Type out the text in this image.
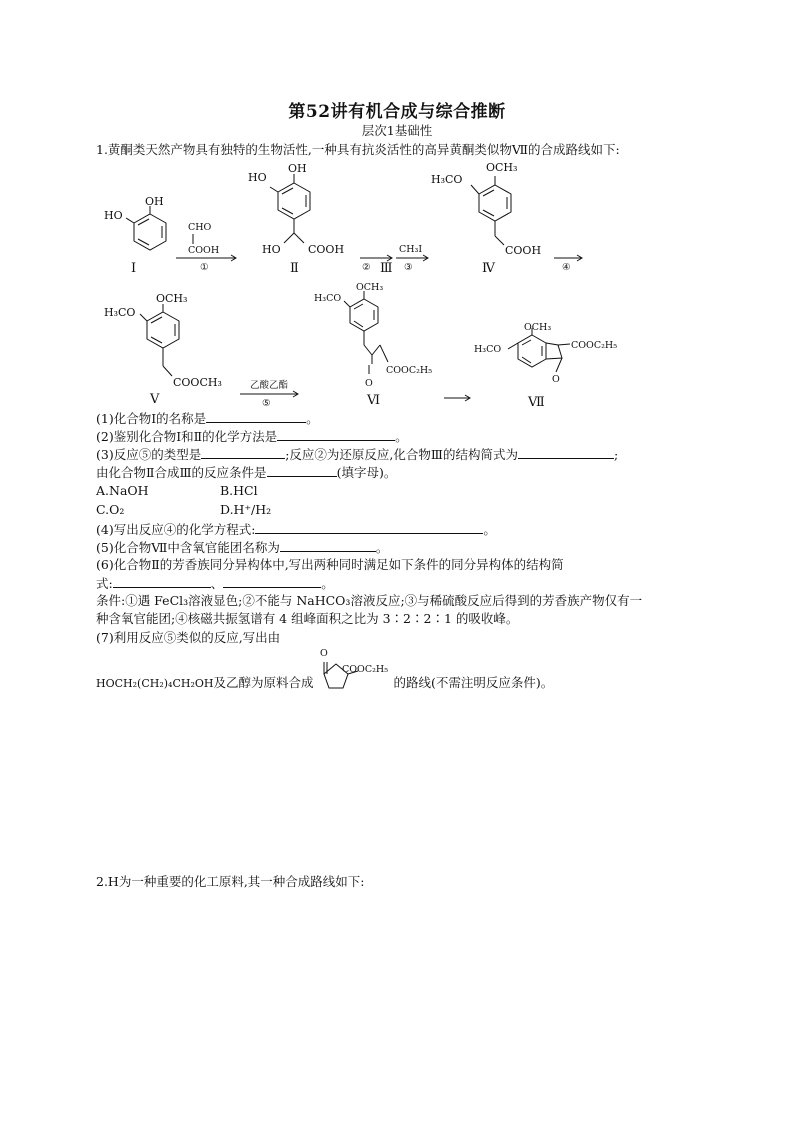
第52讲有机合成与综合推断
层次1基础性
1.黄酮类天然产物具有独特的生物活性,一种具有抗炎活性的高异黄酮类似物Ⅶ的合成路线如下:
HO
OH
Ⅰ
CHO
COOH
①
HO
OH
HO COOH
Ⅱ	② Ⅲ
CH₃I
③
H₃CO
OCH₃
COOH
Ⅳ	④
H₃CO
OCH₃
COOCH₃
Ⅴ
乙酸乙酯
⑤
H₃CO
OCH₃
COOC₂H₅
O
Ⅵ
OCH₃
H₃CO	COOC₂H₅
O
Ⅶ
(1)化合物Ⅰ的名称是	。
(2)鉴别化合物Ⅰ和Ⅱ的化学方法是	。
(3)反应⑤的类型是	;反应②为还原反应,化合物Ⅲ的结构简式为	;
由化合物Ⅱ合成Ⅲ的反应条件是	(填字母)。
A.NaOH	B.HCl
C.O₂	D.H⁺/H₂
(4)写出反应④的化学方程式:	。
(5)化合物Ⅶ中含氧官能团名称为	。
(6)化合物Ⅱ的芳香族同分异构体中,写出两种同时满足如下条件的同分异构体的结构简
式:	、	。
条件:①遇 FeCl₃溶液显色;②不能与 NaHCO₃溶液反应;③与稀硫酸反应后得到的芳香族产物仅有一
种含氧官能团;④核磁共振氢谱有 4 组峰面积之比为 3∶2∶2∶1 的吸收峰。
(7)利用反应⑤类似的反应,写出由
HOCH₂(CH₂)₄CH₂OH及乙醇为原料合成	的路线(不需注明反应条件)。
O
COOC₂H₅
2.H为一种重要的化工原料,其一种合成路线如下:
